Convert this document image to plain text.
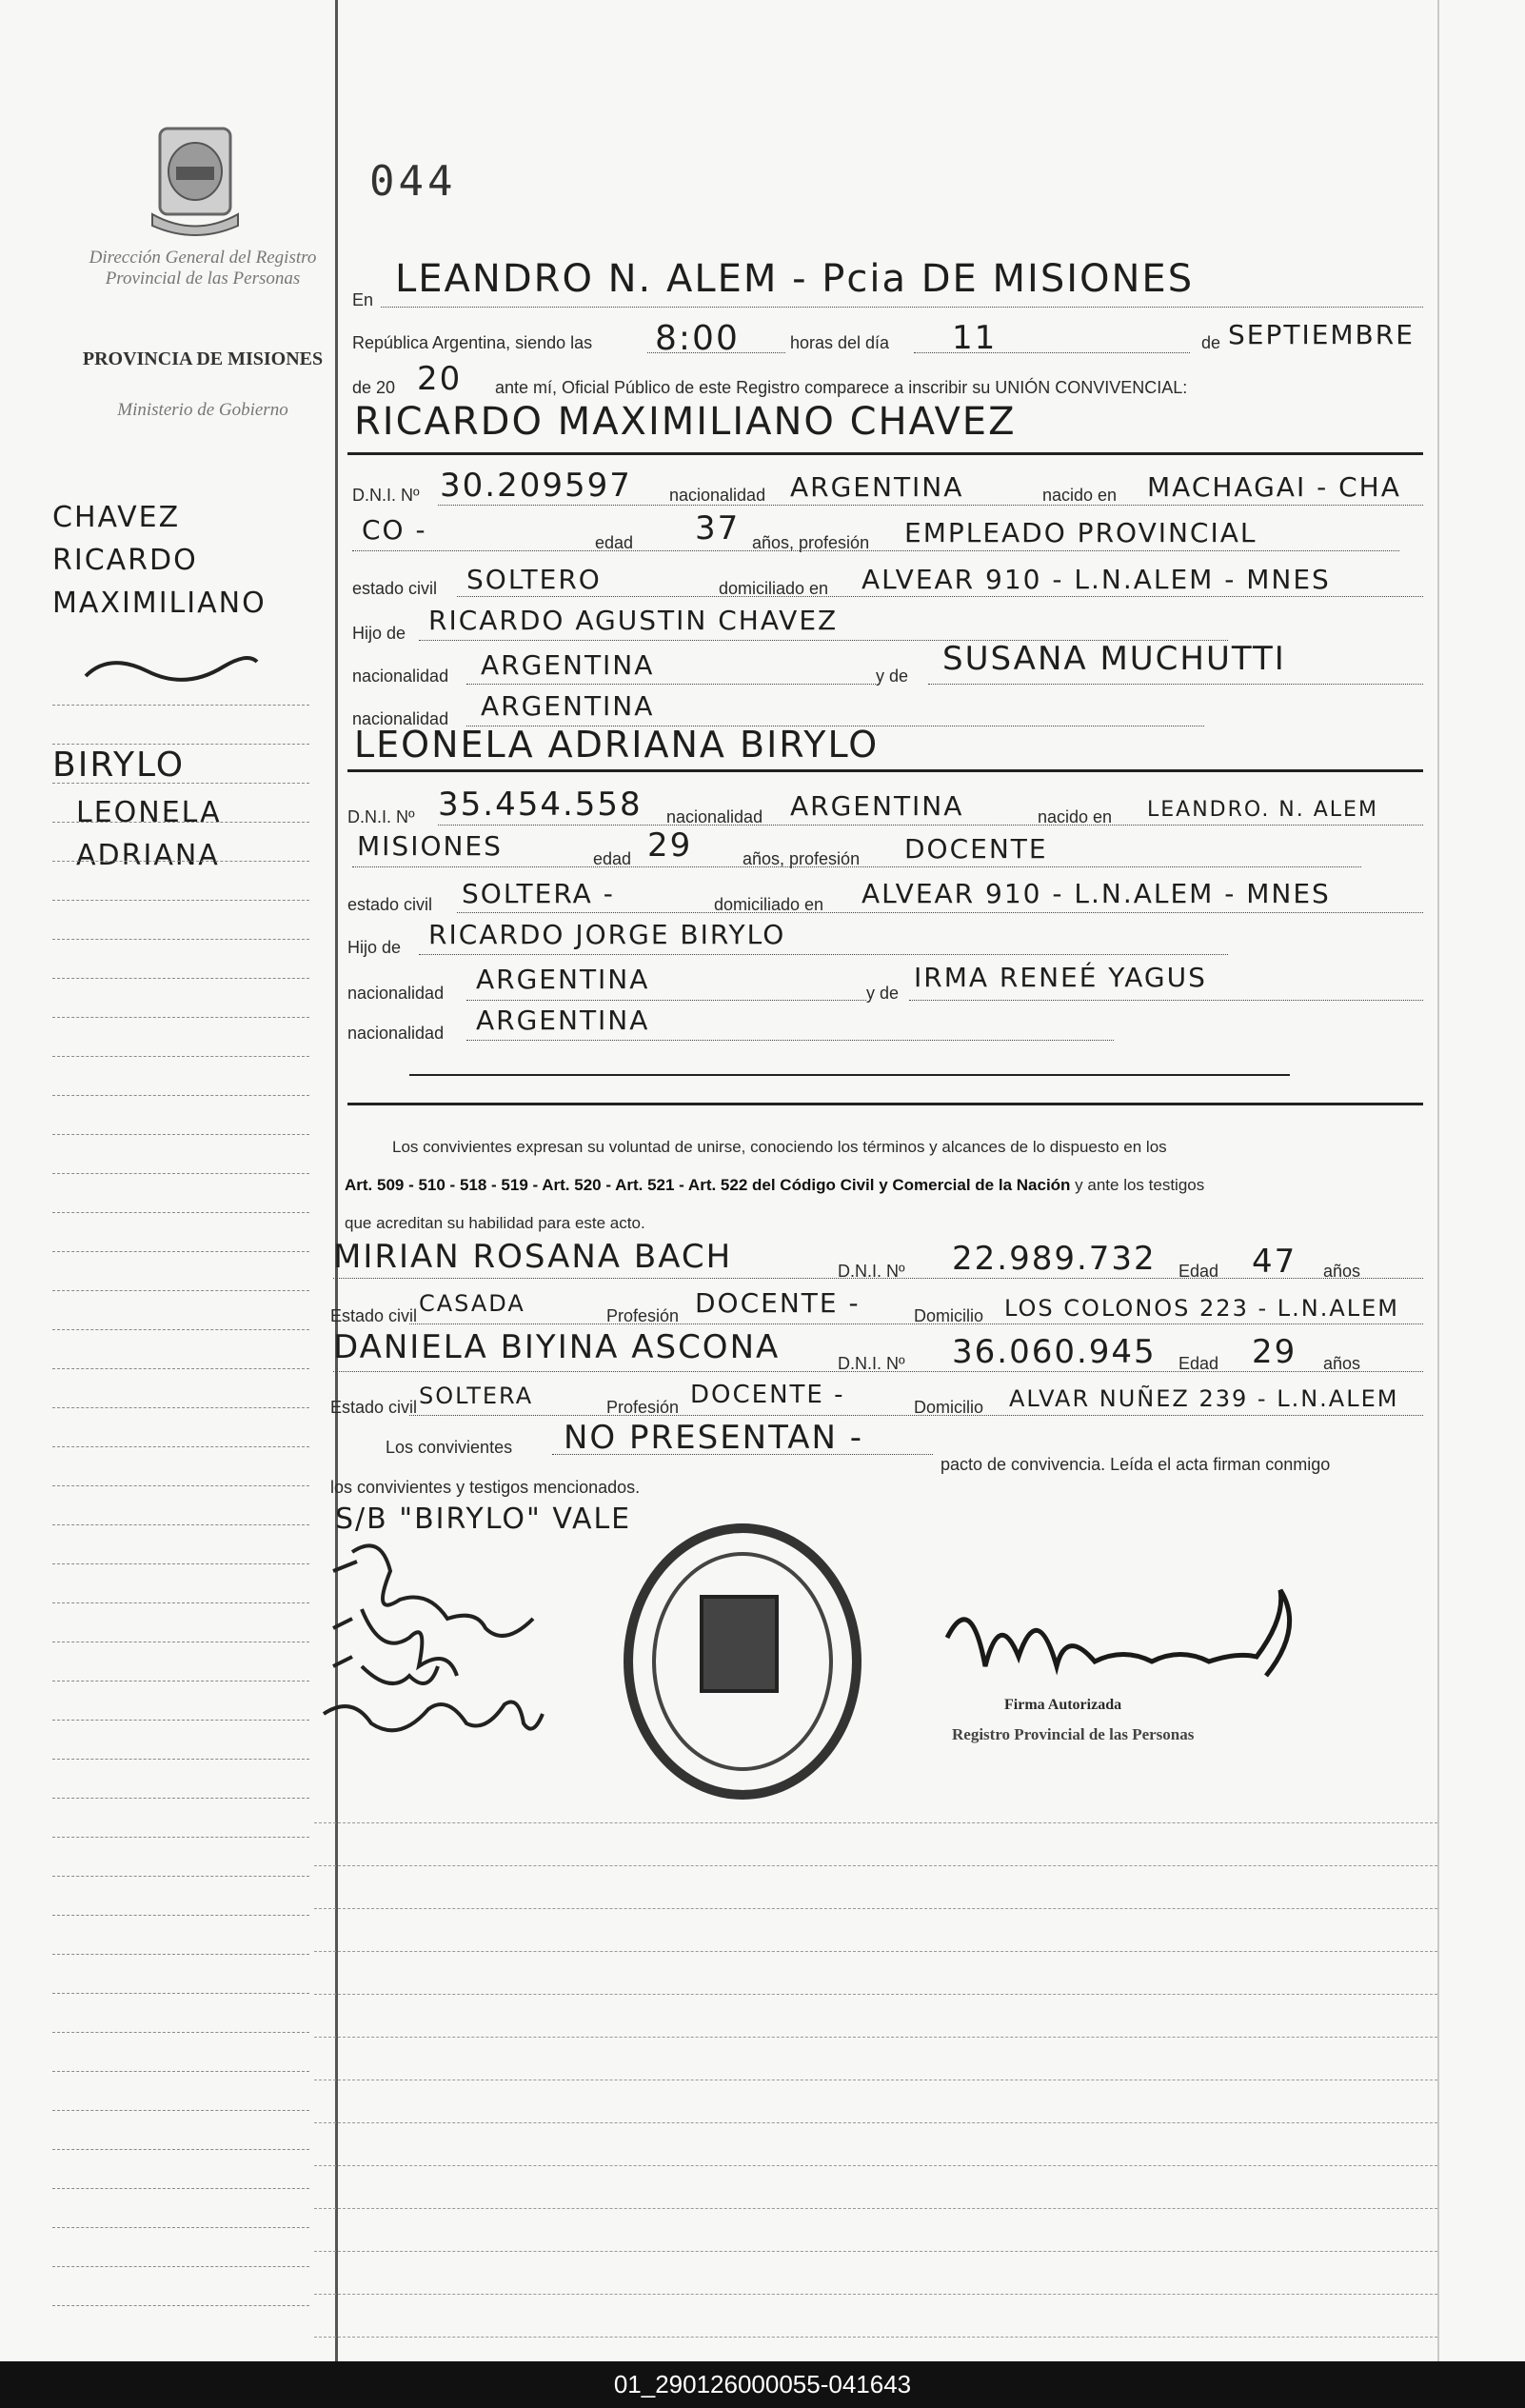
Dirección General del Registro Provincial de las Personas
PROVINCIA DE MISIONES
Ministerio de Gobierno
044
CHAVEZ
RICARDO
MAXIMILIANO
BIRYLO
LEONELA
ADRIANA
En LEANDRO N. ALEM - Pcia DE MISIONES
República Argentina, siendo las 8:00	horas del día 11	de SEPTIEMBRE
de 20 20 ante mí, Oficial Público de este Registro comparece a inscribir su UNIÓN CONVIVENCIAL:
RICARDO MAXIMILIANO CHAVEZ
D.N.I. Nº 30.209597 nacionalidad ARGENTINA	nacido en MACHAGAI - CHA
CO -	edad 37 años, profesión EMPLEADO PROVINCIAL
estado civil SOLTERO	domiciliado en ALVEAR 910 - L.N.ALEM - MNES
Hijo de RICARDO AGUSTIN CHAVEZ
nacionalidad ARGENTINA	y de SUSANA MUCHUTTI
nacionalidad ARGENTINA
LEONELA ADRIANA BIRYLO
D.N.I. Nº 35.454.558 nacionalidad ARGENTINA	nacido en LEANDRO. N. ALEM
MISIONES	edad 29	años, profesión DOCENTE
estado civil SOLTERA -	domiciliado en ALVEAR 910 - L.N.ALEM - MNES
Hijo de RICARDO JORGE BIRYLO
nacionalidad ARGENTINA	y de IRMA RENEÉ YAGUS
nacionalidad ARGENTINA
Los convivientes expresan su voluntad de unirse, conociendo los términos y alcances de lo dispuesto en los
Art. 509 - 510 - 518 - 519 - Art. 520 - Art. 521 - Art. 522 del Código Civil y Comercial de la Nación y ante los testigos
que acreditan su habilidad para este acto.
MIRIAN ROSANA BACH	D.N.I. Nº 22.989.732 Edad 47 años
Estado civil CASADA	Profesión DOCENTE -	Domicilio LOS COLONOS 223 - L.N.ALEM
DANIELA BIYINA ASCONA	D.N.I. Nº 36.060.945 Edad 29 años
Estado civil SOLTERA	Profesión DOCENTE -	Domicilio ALVAR NUÑEZ 239 - L.N.ALEM
Los convivientes NO PRESENTAN -
pacto de convivencia. Leída el acta firman conmigo
los convivientes y testigos mencionados.
S/B "BIRYLO" VALE
Firma Autorizada
Registro Provincial de las Personas
01_290126000055-041643
